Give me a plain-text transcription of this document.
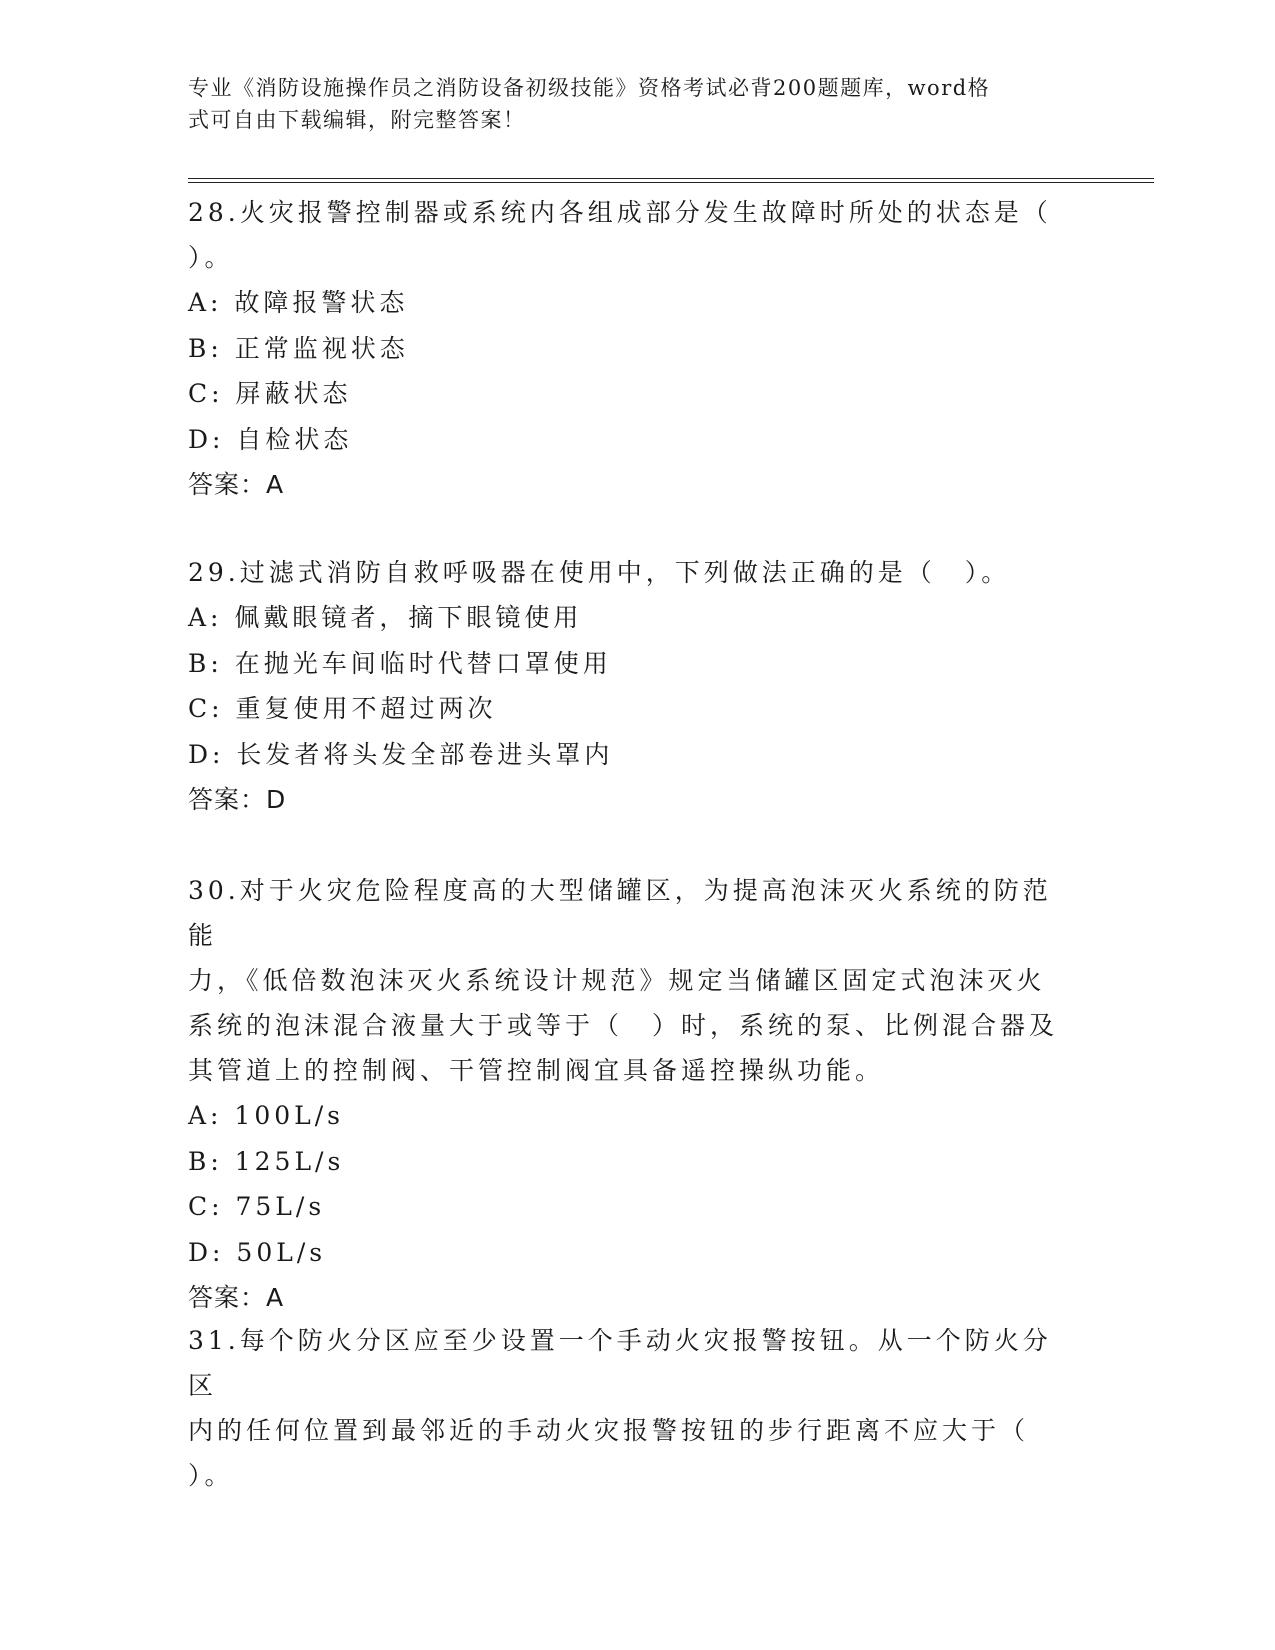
专业《消防设施操作员之消防设备初级技能》资格考试必背200题题库，word格
式可自由下载编辑，附完整答案！
28.火灾报警控制器或系统内各组成部分发生故障时所处的状态是（
）。
A: 故障报警状态
B: 正常监视状态
C: 屏蔽状态
D: 自检状态
答案：A
29.过滤式消防自救呼吸器在使用中，下列做法正确的是（　）。
A: 佩戴眼镜者，摘下眼镜使用
B: 在抛光车间临时代替口罩使用
C: 重复使用不超过两次
D: 长发者将头发全部卷进头罩内
答案：D
30.对于火灾危险程度高的大型储罐区，为提高泡沫灭火系统的防范能
力，《低倍数泡沫灭火系统设计规范》规定当储罐区固定式泡沫灭火
系统的泡沫混合液量大于或等于（　）时，系统的泵、比例混合器及
其管道上的控制阀、干管控制阀宜具备遥控操纵功能。
A: 100L/s
B: 125L/s
C: 75L/s
D: 50L/s
答案：A
31.每个防火分区应至少设置一个手动火灾报警按钮。从一个防火分区
内的任何位置到最邻近的手动火灾报警按钮的步行距离不应大于（
）。
